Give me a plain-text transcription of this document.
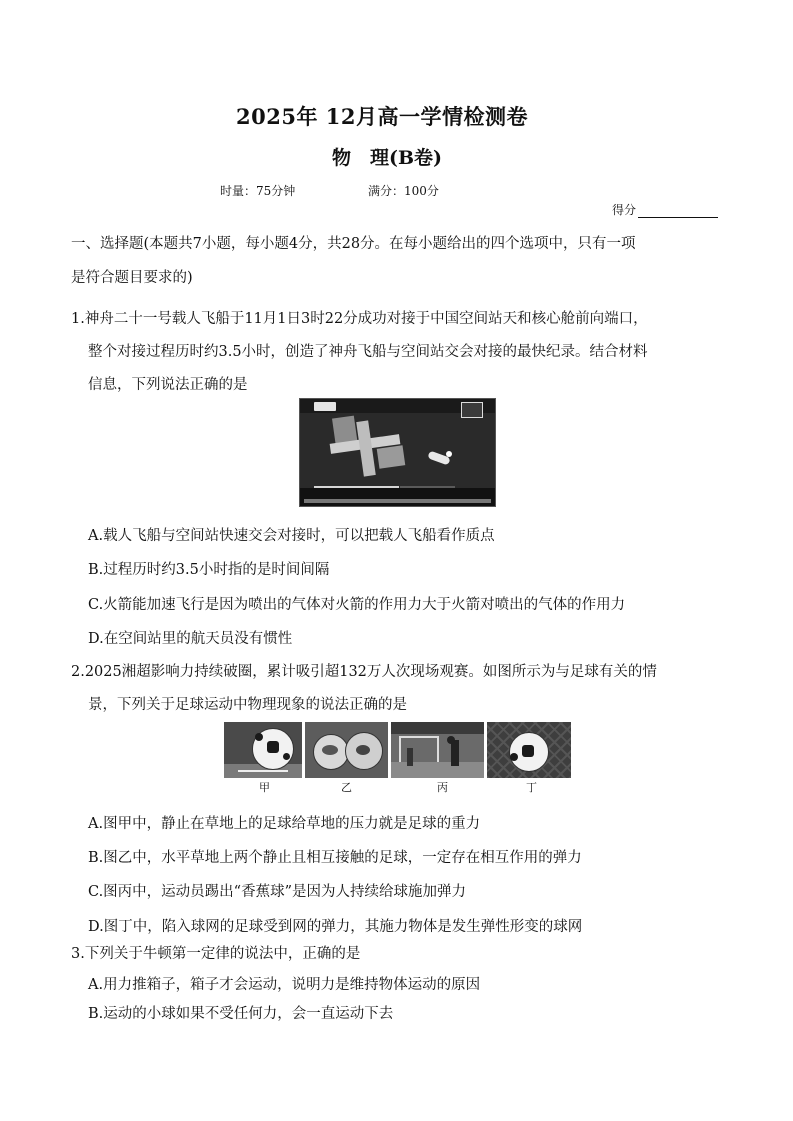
2025年 12月高一学情检测卷
物　理(B卷)
时量：75分钟	满分：100分
得分
一、选择题(本题共7小题，每小题4分，共28分。在每小题给出的四个选项中，只有一项
是符合题目要求的)
1.神舟二十一号载人飞船于11月1日3时22分成功对接于中国空间站天和核心舱前向端口，
整个对接过程历时约3.5小时，创造了神舟飞船与空间站交会对接的最快纪录。结合材料
信息，下列说法正确的是
A.载人飞船与空间站快速交会对接时，可以把载人飞船看作质点
B.过程历时约3.5小时指的是时间间隔
C.火箭能加速飞行是因为喷出的气体对火箭的作用力大于火箭对喷出的气体的作用力
D.在空间站里的航天员没有惯性
2.2025湘超影响力持续破圈，累计吸引超132万人次现场观赛。如图所示为与足球有关的情
景，下列关于足球运动中物理现象的说法正确的是
甲	乙	丙	丁
A.图甲中，静止在草地上的足球给草地的压力就是足球的重力
B.图乙中，水平草地上两个静止且相互接触的足球，一定存在相互作用的弹力
C.图丙中，运动员踢出“香蕉球”是因为人持续给球施加弹力
D.图丁中，陷入球网的足球受到网的弹力，其施力物体是发生弹性形变的球网
3.下列关于牛顿第一定律的说法中，正确的是
A.用力推箱子，箱子才会运动，说明力是维持物体运动的原因
B.运动的小球如果不受任何力，会一直运动下去
